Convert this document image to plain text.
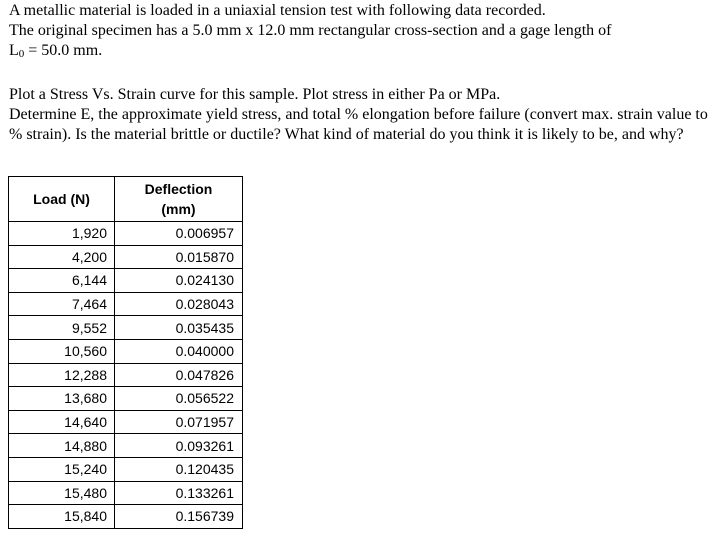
A metallic material is loaded in a uniaxial tension test with following data recorded.

The original specimen has a 5.0 mm x 12.0 mm rectangular cross-section and a gage length of

L0 = 50.0 mm.

Plot a Stress Vs. Strain curve for this sample. Plot stress in either Pa or MPa.

Determine E, the approximate yield stress, and total % elongation before failure (convert max. strain value to % strain). Is the material brittle or ductile? What kind of material do you think it is likely to be, and why?

Load (N)	Deflection
(mm)
1,920	0.006957
4,200	0.015870
6,144	0.024130
7,464	0.028043
9,552	0.035435
10,560	0.040000
12,288	0.047826
13,680	0.056522
14,640	0.071957
14,880	0.093261
15,240	0.120435
15,480	0.133261
15,840	0.156739
